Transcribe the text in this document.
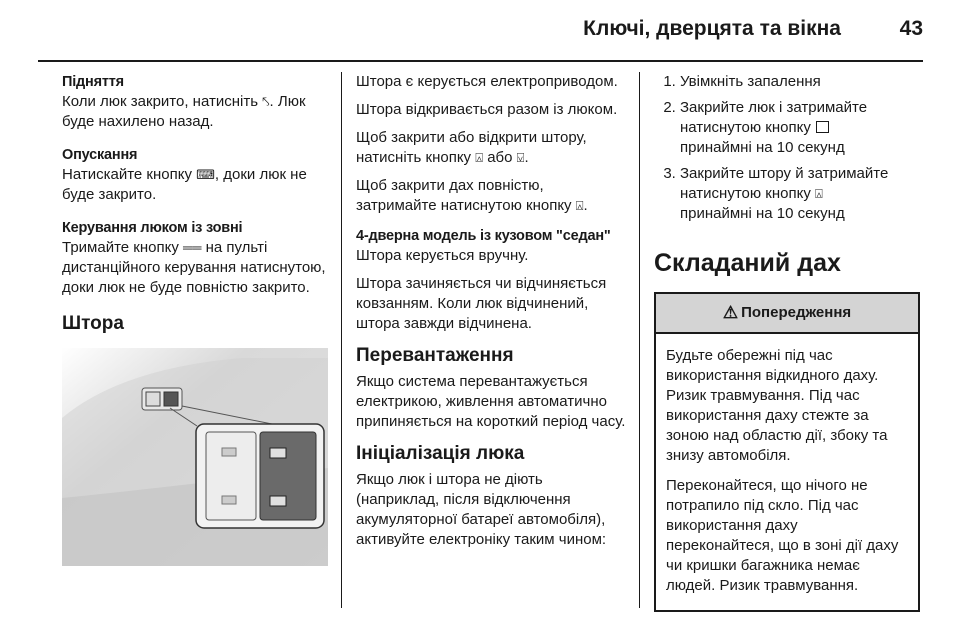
Ключі, дверцята та вікна	43
Підняття
Коли люк закрито, натисніть ⤣. Люк буде нахилено назад.
Опускання
Натискайте кнопку ⌨, доки люк не буде закрито.
Керування люком із зовні
Тримайте кнопку ══ на пульті дистанційного керування натиснутою, доки люк не буде повністю закрито.
Штора
Штора є керується електроприводом.
Штора відкривається разом із люком.
Щоб закрити або відкрити штору, натисніть кнопку ⍓ або ⍌.
Щоб закрити дах повністю, затримайте натиснутою кнопку ⍓.
4-дверна модель із кузовом "седан"
Штора керується вручну.
Штора зачиняється чи відчиняється ковзанням. Коли люк відчинений, штора завжди відчинена.
Перевантаження
Якщо система перевантажується електрикою, живлення автоматично припиняється на короткий період часу.
Ініціалізація люка
Якщо люк і штора не діють (наприклад, після відключення акумуляторної батареї автомобіля), активуйте електроніку таким чином:
1. Увімкніть запалення
2. Закрийте люк і затримайте натиснутою кнопку
принаймні на 10 секунд
3. Закрийте штору й затримайте натиснутою кнопку ⍓
принаймні на 10 секунд
Складаний дах
⚠ Попередження
Будьте обережні під час використання відкидного даху. Ризик травмування. Під час використання даху стежте за зоною над областю дії, збоку та знизу автомобіля.
Переконайтеся, що нічого не потрапило під скло. Під час використання даху переконайтеся, що в зоні дії даху чи кришки багажника немає людей. Ризик травмування.
